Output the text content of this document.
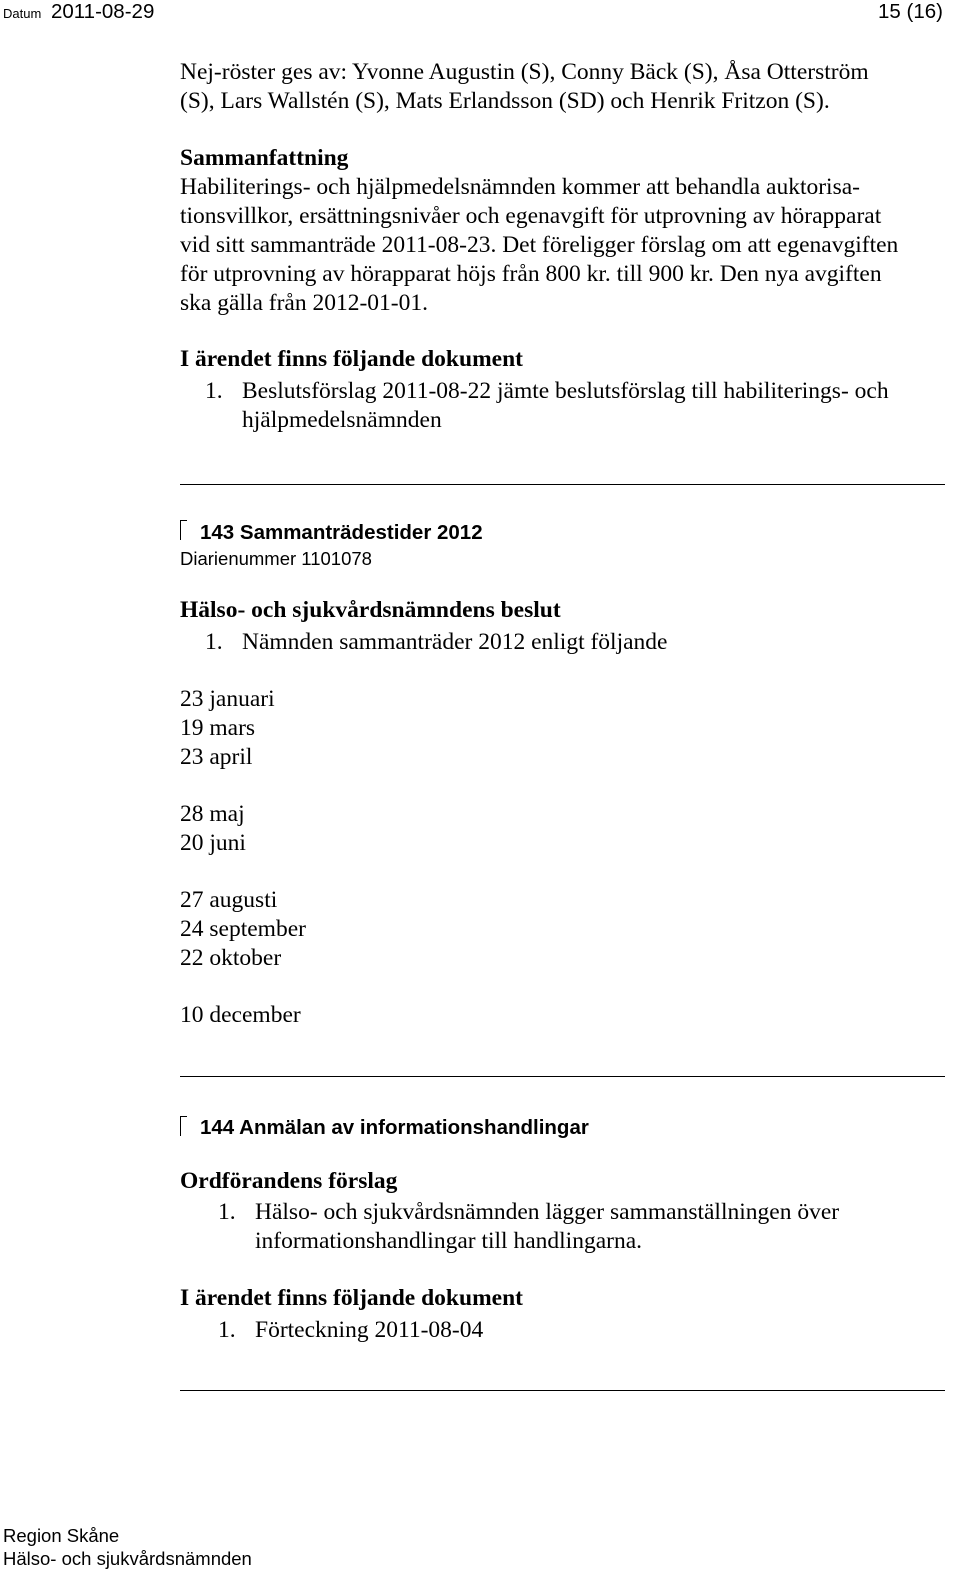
Datum 2011-08-29	15 (16)
Nej-röster ges av: Yvonne Augustin (S), Conny Bäck (S), Åsa Otterström
(S), Lars Wallstén (S), Mats Erlandsson (SD) och Henrik Fritzon (S).
Sammanfattning
Habiliterings- och hjälpmedelsnämnden kommer att behandla auktorisa-
tionsvillkor, ersättningsnivåer och egenavgift för utprovning av hörapparat
vid sitt sammanträde 2011-08-23. Det föreligger förslag om att egenavgiften
för utprovning av hörapparat höjs från 800 kr. till 900 kr. Den nya avgiften
ska gälla från 2012-01-01.
I ärendet finns följande dokument
1. Beslutsförslag 2011-08-22 jämte beslutsförslag till habiliterings- och
hjälpmedelsnämnden
143 Sammanträdestider 2012
Diarienummer 1101078
Hälso- och sjukvårdsnämndens beslut
1. Nämnden sammanträder 2012 enligt följande
23 januari
19 mars
23 april
28 maj
20 juni
27 augusti
24 september
22 oktober
10 december
144 Anmälan av informationshandlingar
Ordförandens förslag
1. Hälso- och sjukvårdsnämnden lägger sammanställningen över
informationshandlingar till handlingarna.
I ärendet finns följande dokument
1. Förteckning 2011-08-04
Region Skåne
Hälso- och sjukvårdsnämnden
